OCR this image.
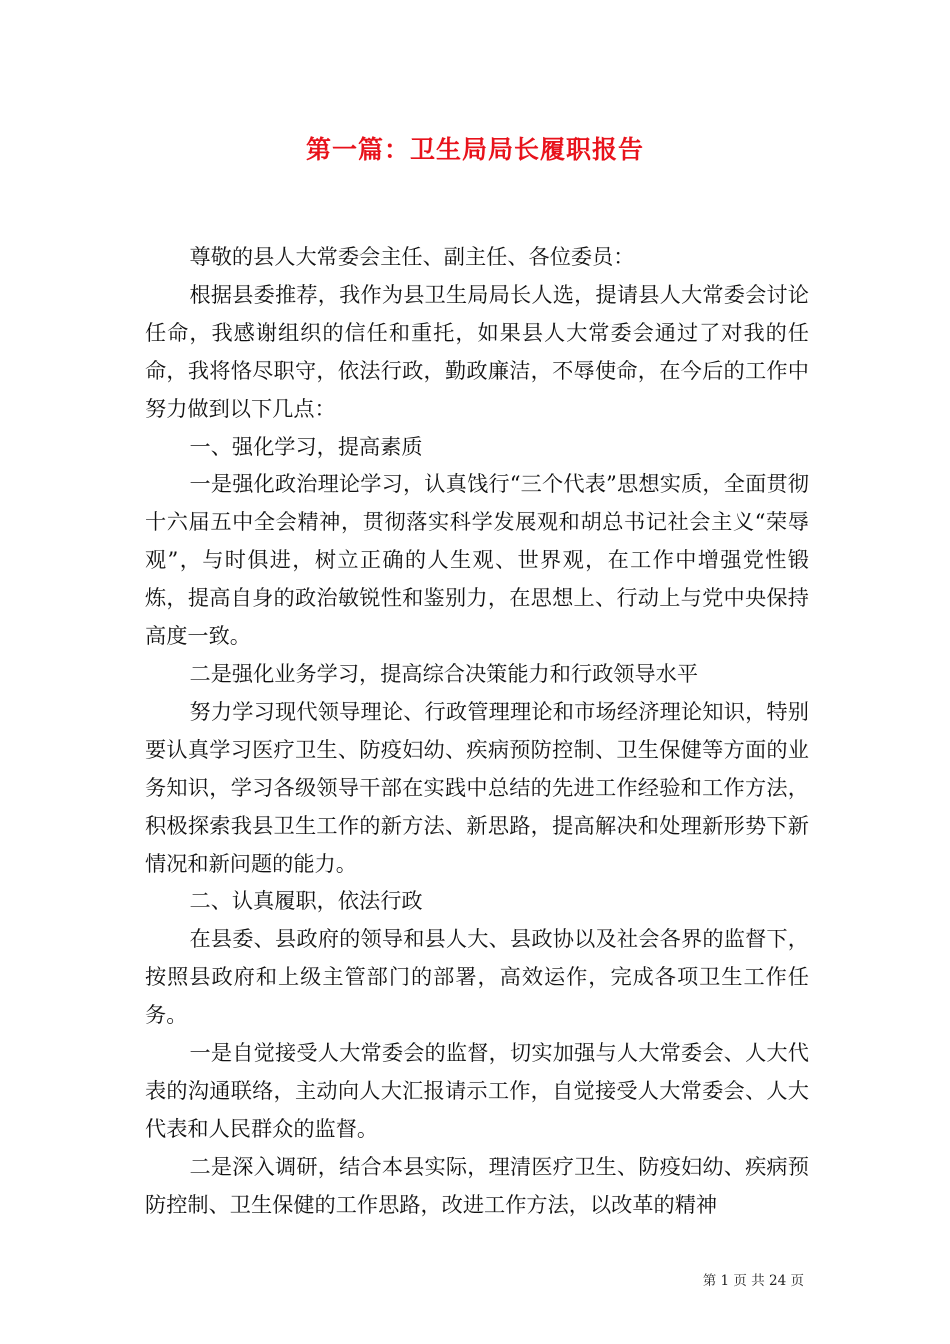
第一篇：卫生局局长履职报告

尊敬的县人大常委会主任、副主任、各位委员：

根据县委推荐，我作为县卫生局局长人选，提请县人大常委会讨论任命，我感谢组织的信任和重托，如果县人大常委会通过了对我的任命，我将恪尽职守，依法行政，勤政廉洁，不辱使命，在今后的工作中努力做到以下几点：

一、强化学习，提高素质

一是强化政治理论学习，认真饯行“三个代表”思想实质，全面贯彻十六届五中全会精神，贯彻落实科学发展观和胡总书记社会主义“荣辱观”，与时俱进，树立正确的人生观、世界观，在工作中增强党性锻炼，提高自身的政治敏锐性和鉴别力，在思想上、行动上与党中央保持高度一致。

二是强化业务学习，提高综合决策能力和行政领导水平

努力学习现代领导理论、行政管理理论和市场经济理论知识，特别要认真学习医疗卫生、防疫妇幼、疾病预防控制、卫生保健等方面的业务知识，学习各级领导干部在实践中总结的先进工作经验和工作方法，积极探索我县卫生工作的新方法、新思路，提高解决和处理新形势下新情况和新问题的能力。

二、认真履职，依法行政

在县委、县政府的领导和县人大、县政协以及社会各界的监督下，按照县政府和上级主管部门的部署，高效运作，完成各项卫生工作任务。

一是自觉接受人大常委会的监督，切实加强与人大常委会、人大代表的沟通联络，主动向人大汇报请示工作，自觉接受人大常委会、人大代表和人民群众的监督。

二是深入调研，结合本县实际，理清医疗卫生、防疫妇幼、疾病预防控制、卫生保健的工作思路，改进工作方法，以改革的精神

第 1 页 共 24 页
